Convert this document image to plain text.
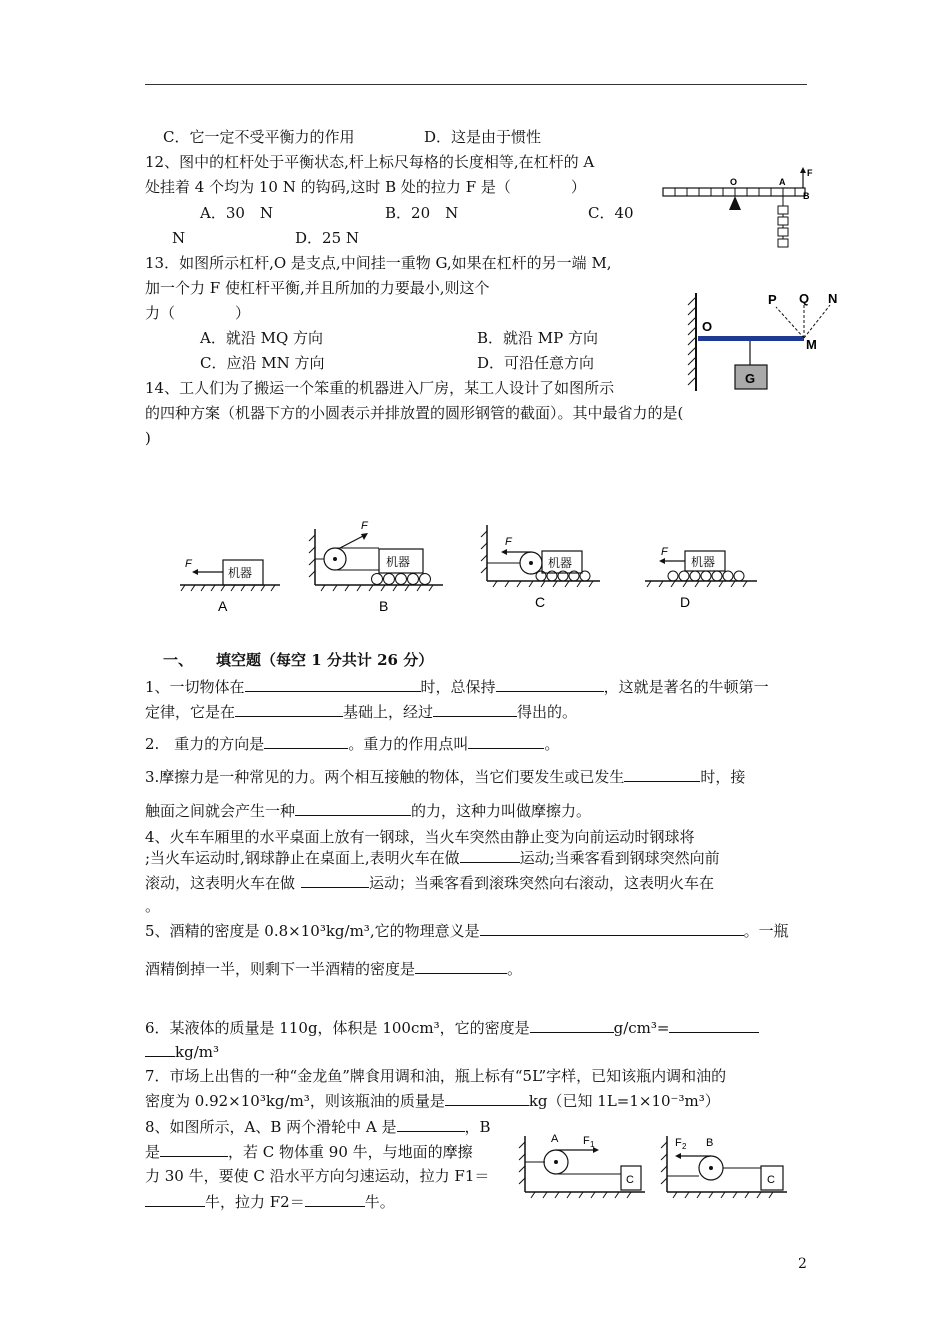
C．它一定不受平衡力的作用	D．这是由于惯性
12、图中的杠杆处于平衡状态,杆上标尺每格的长度相等,在杠杆的 A
处挂着 4 个均为 10 N 的钩码,这时 B 处的拉力 F 是（　　　　）
A．30　N	B．20　N	C．40
N	D．25 N
O	A
B
F
13．如图所示杠杆,O 是支点,中间挂一重物 G,如果在杠杆的另一端 M,
加一个力 F 使杠杆平衡,并且所加的力要最小,则这个
力（　　　　）
A．就沿 MQ 方向	B．就沿 MP 方向
C．应沿 MN 方向	D．可沿任意方向
O
M
G
P Q N
14、工人们为了搬运一个笨重的机器进入厂房，某工人设计了如图所示
的四种方案（机器下方的小圆表示并排放置的圆形钢管的截面）。其中最省力的是(
)
机器
F
A
机器
F
B
F
机器
C
机器
F
D
一、 填空题（每空 1 分共计 26 分）
1、一切物体在	时，总保持	，这就是著名的牛顿第一
定律，它是在	基础上，经过	得出的。
2.　重力的方向是	。重力的作用点叫	。
3.摩擦力是一种常见的力。两个相互接触的物体，当它们要发生或已发生	时，接
触面之间就会产生一种	的力，这种力叫做摩擦力。
4、火车车厢里的水平桌面上放有一钢球，当火车突然由静止变为向前运动时钢球将
;当火车运动时,钢球静止在桌面上,表明火车在做	运动;当乘客看到钢球突然向前
滚动，这表明火车在做	运动；当乘客看到滚珠突然向右滚动，这表明火车在
。
5、酒精的密度是 0.8×10³kg/m³,它的物理意义是	。一瓶
酒精倒掉一半，则剩下一半酒精的密度是	。
6．某液体的质量是 110g，体积是 100cm³，它的密度是	g/cm³=
kg/m³
7．市场上出售的一种“金龙鱼”牌食用调和油，瓶上标有“5L”字样，已知该瓶内调和油的
密度为 0.92×10³kg/m³，则该瓶油的质量是	kg（已知 1L=1×10⁻³m³）
8、如图所示，A、B 两个滑轮中 A 是	，B
是	，若 C 物体重 90 牛，与地面的摩擦
力 30 牛，要使 C 沿水平方向匀速运动，拉力 F1＝
牛，拉力 F2＝	牛。
C
A F 1
C
F 2 B
2
